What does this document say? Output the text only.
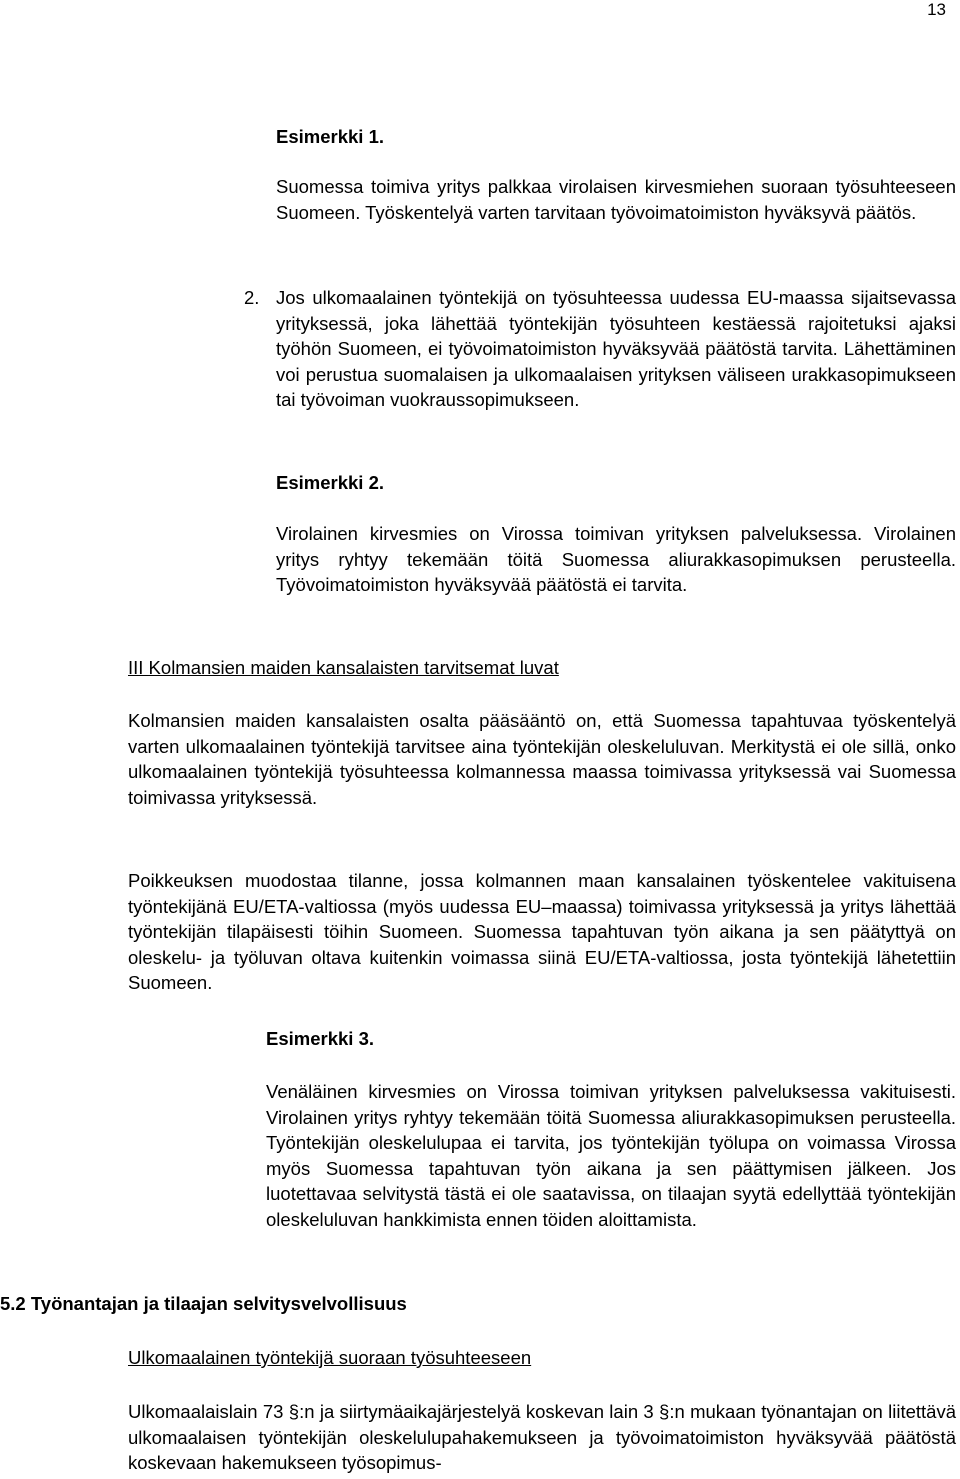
13
Esimerkki 1.

Suomessa toimiva yritys palkkaa virolaisen kirvesmiehen suoraan työsuhteeseen Suomeen. Työskentelyä varten tarvitaan työvoimatoimiston hyväksyvä päätös.

2. Jos ulkomaalainen työntekijä on työsuhteessa uudessa EU-maassa sijaitsevassa yrityksessä, joka lähettää työntekijän työsuhteen kestäessä rajoitetuksi ajaksi työhön Suomeen, ei työvoimatoimiston hyväksyvää päätöstä tarvita. Lähettäminen voi perustua suomalaisen ja ulkomaalaisen yrityksen väliseen urakkasopimukseen tai työvoiman vuokraussopimukseen.

Esimerkki 2.

Virolainen kirvesmies on Virossa toimivan yrityksen palveluksessa. Virolainen yritys ryhtyy tekemään töitä Suomessa aliurakkasopimuksen perusteella. Työvoimatoimiston hyväksyvää päätöstä ei tarvita.

III Kolmansien maiden kansalaisten tarvitsemat luvat

Kolmansien maiden kansalaisten osalta pääsääntö on, että Suomessa tapahtuvaa työskentelyä varten ulkomaalainen työntekijä tarvitsee aina työntekijän oleskeluluvan. Merkitystä ei ole sillä, onko ulkomaalainen työntekijä työsuhteessa kolmannessa maassa toimivassa yrityksessä vai Suomessa toimivassa yrityksessä.

Poikkeuksen muodostaa tilanne, jossa kolmannen maan kansalainen työskentelee vakituisena työntekijänä EU/ETA-valtiossa (myös uudessa EU–maassa) toimivassa yrityksessä ja yritys lähettää työntekijän tilapäisesti töihin Suomeen. Suomessa tapahtuvan työn aikana ja sen päätyttyä on oleskelu- ja työluvan oltava kuitenkin voimassa siinä EU/ETA-valtiossa, josta työntekijä lähetettiin Suomeen.

Esimerkki 3.

Venäläinen kirvesmies on Virossa toimivan yrityksen palveluksessa vakituisesti. Virolainen yritys ryhtyy tekemään töitä Suomessa aliurakkasopimuksen perusteella. Työntekijän oleskelulupaa ei tarvita, jos työntekijän työlupa on voimassa Virossa myös Suomessa tapahtuvan työn aikana ja sen päättymisen jälkeen. Jos luotettavaa selvitystä tästä ei ole saatavissa, on tilaajan syytä edellyttää työntekijän oleskeluluvan hankkimista ennen töiden aloittamista.

5.2 Työnantajan ja tilaajan selvitysvelvollisuus
Ulkomaalainen työntekijä suoraan työsuhteeseen

Ulkomaalaislain 73 §:n ja siirtymäaikajärjestelyä koskevan lain 3 §:n mukaan työnantajan on liitettävä ulkomaalaisen työntekijän oleskelulupahakemukseen ja työvoimatoimiston hyväksyvää päätöstä koskevaan hakemukseen työsopimus-
